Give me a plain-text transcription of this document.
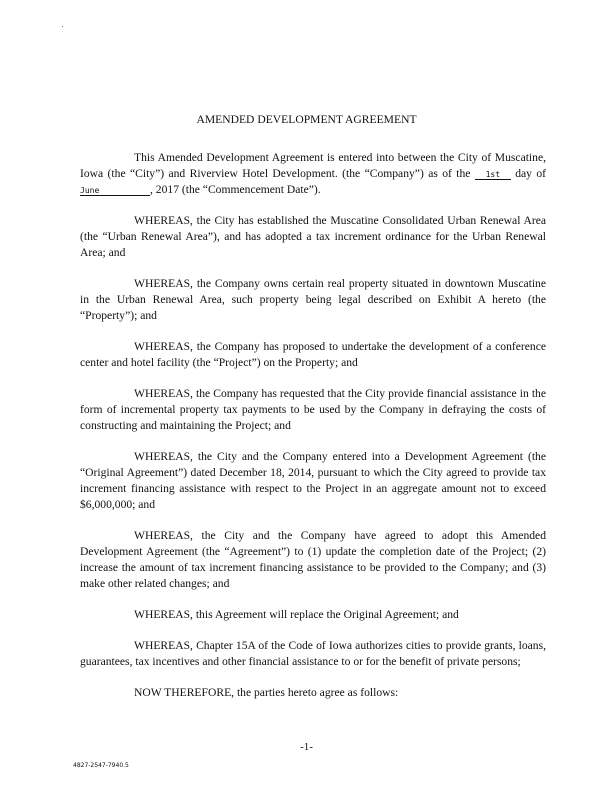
AMENDED DEVELOPMENT AGREEMENT

This Amended Development Agreement is entered into between the City of Muscatine, Iowa (the “City”) and Riverview Hotel Development. (the “Company”) as of the 1st day of June	, 2017 (the “Commencement Date”).

WHEREAS, the City has established the Muscatine Consolidated Urban Renewal Area (the “Urban Renewal Area”), and has adopted a tax increment ordinance for the Urban Renewal Area; and

WHEREAS, the Company owns certain real property situated in downtown Muscatine in the Urban Renewal Area, such property being legal described on Exhibit A hereto (the “Property”); and

WHEREAS, the Company has proposed to undertake the development of a conference center and hotel facility (the “Project”) on the Property; and

WHEREAS, the Company has requested that the City provide financial assistance in the form of incremental property tax payments to be used by the Company in defraying the costs of constructing and maintaining the Project; and

WHEREAS, the City and the Company entered into a Development Agreement (the “Original Agreement”) dated December 18, 2014, pursuant to which the City agreed to provide tax increment financing assistance with respect to the Project in an aggregate amount not to exceed $6,000,000; and

WHEREAS, the City and the Company have agreed to adopt this Amended Development Agreement (the “Agreement”) to (1) update the completion date of the Project; (2) increase the amount of tax increment financing assistance to be provided to the Company; and (3) make other related changes; and

WHEREAS, this Agreement will replace the Original Agreement; and

WHEREAS, Chapter 15A of the Code of Iowa authorizes cities to provide grants, loans, guarantees, tax incentives and other financial assistance to or for the benefit of private persons;

NOW THEREFORE, the parties hereto agree as follows:

-1-
4827-2547-7940.5
